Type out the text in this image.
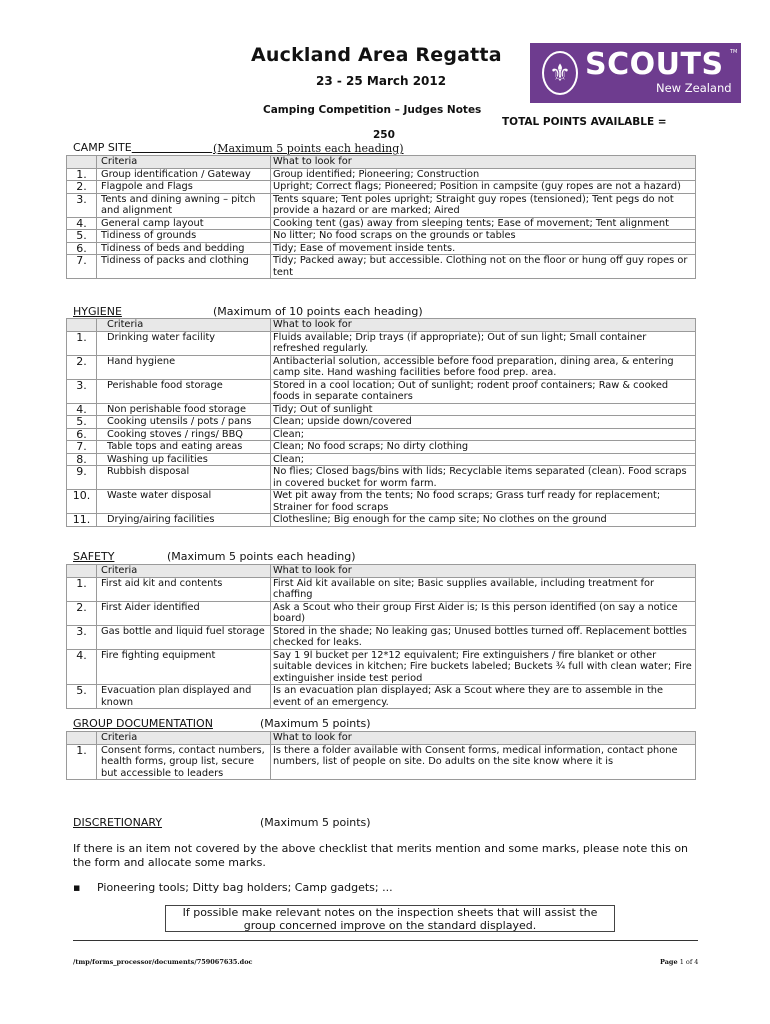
Auckland Area Regatta
23 - 25 March 2012
Camping Competition – Judges Notes
TOTAL POINTS AVAILABLE =
250
⚜ SCOUTS TM
New Zealand
CAMP SITE	(Maximum 5 points each heading)
	Criteria	What to look for
1.	Group identification / Gateway	Group identified; Pioneering; Construction
2.	Flagpole and Flags	Upright; Correct flags; Pioneered; Position in campsite (guy ropes are not a hazard)
3.	Tents and dining awning – pitch and alignment	Tents square; Tent poles upright; Straight guy ropes (tensioned); Tent pegs do not provide a hazard or are marked; Aired
4.	General camp layout	Cooking tent (gas) away from sleeping tents; Ease of movement; Tent alignment
5.	Tidiness of grounds	No litter; No food scraps on the grounds or tables
6.	Tidiness of beds and bedding	Tidy; Ease of movement inside tents.
7.	Tidiness of packs and clothing	Tidy; Packed away; but accessible. Clothing not on the floor or hung off guy ropes or tent
HYGIENE	(Maximum of 10 points each heading)
	Criteria	What to look for
1.	Drinking water facility	Fluids available; Drip trays (if appropriate); Out of sun light; Small container refreshed regularly.
2.	Hand hygiene	Antibacterial solution, accessible before food preparation, dining area, & entering camp site. Hand washing facilities before food prep. area.
3.	Perishable food storage	Stored in a cool location; Out of sunlight; rodent proof containers; Raw & cooked foods in separate containers
4.	Non perishable food storage	Tidy; Out of sunlight
5.	Cooking utensils / pots / pans	Clean; upside down/covered
6.	Cooking stoves / rings/ BBQ	Clean;
7.	Table tops and eating areas	Clean; No food scraps; No dirty clothing
8.	Washing up facilities	Clean;
9.	Rubbish disposal	No flies; Closed bags/bins with lids; Recyclable items separated (clean). Food scraps in covered bucket for worm farm.
10.	Waste water disposal	Wet pit away from the tents; No food scraps; Grass turf ready for replacement; Strainer for food scraps
11.	Drying/airing facilities	Clothesline; Big enough for the camp site; No clothes on the ground
SAFETY	(Maximum 5 points each heading)
	Criteria	What to look for
1.	First aid kit and contents	First Aid kit available on site; Basic supplies available, including treatment for chaffing
2.	First Aider identified	Ask a Scout who their group First Aider is; Is this person identified (on say a notice board)
3.	Gas bottle and liquid fuel storage	Stored in the shade; No leaking gas; Unused bottles turned off. Replacement bottles checked for leaks.
4.	Fire fighting equipment	Say 1 9l bucket per 12*12 equivalent; Fire extinguishers / fire blanket or other suitable devices in kitchen; Fire buckets labeled; Buckets ¾ full with clean water; Fire extinguisher inside test period
5.	Evacuation plan displayed and known	Is an evacuation plan displayed; Ask a Scout where they are to assemble in the event of an emergency.
GROUP DOCUMENTATION	(Maximum 5 points)
	Criteria	What to look for
1.	Consent forms, contact numbers, health forms, group list, secure but accessible to leaders	Is there a folder available with Consent forms, medical information, contact phone numbers, list of people on site. Do adults on the site know where it is
DISCRETIONARY	(Maximum 5 points)
If there is an item not covered by the above checklist that merits mention and some marks, please note this on the form and allocate some marks.
▪ Pioneering tools; Ditty bag holders; Camp gadgets; ...
If possible make relevant notes on the inspection sheets that will assist the group concerned improve on the standard displayed.
/tmp/forms_processor/documents/759067635.doc	Page 1 of 4
